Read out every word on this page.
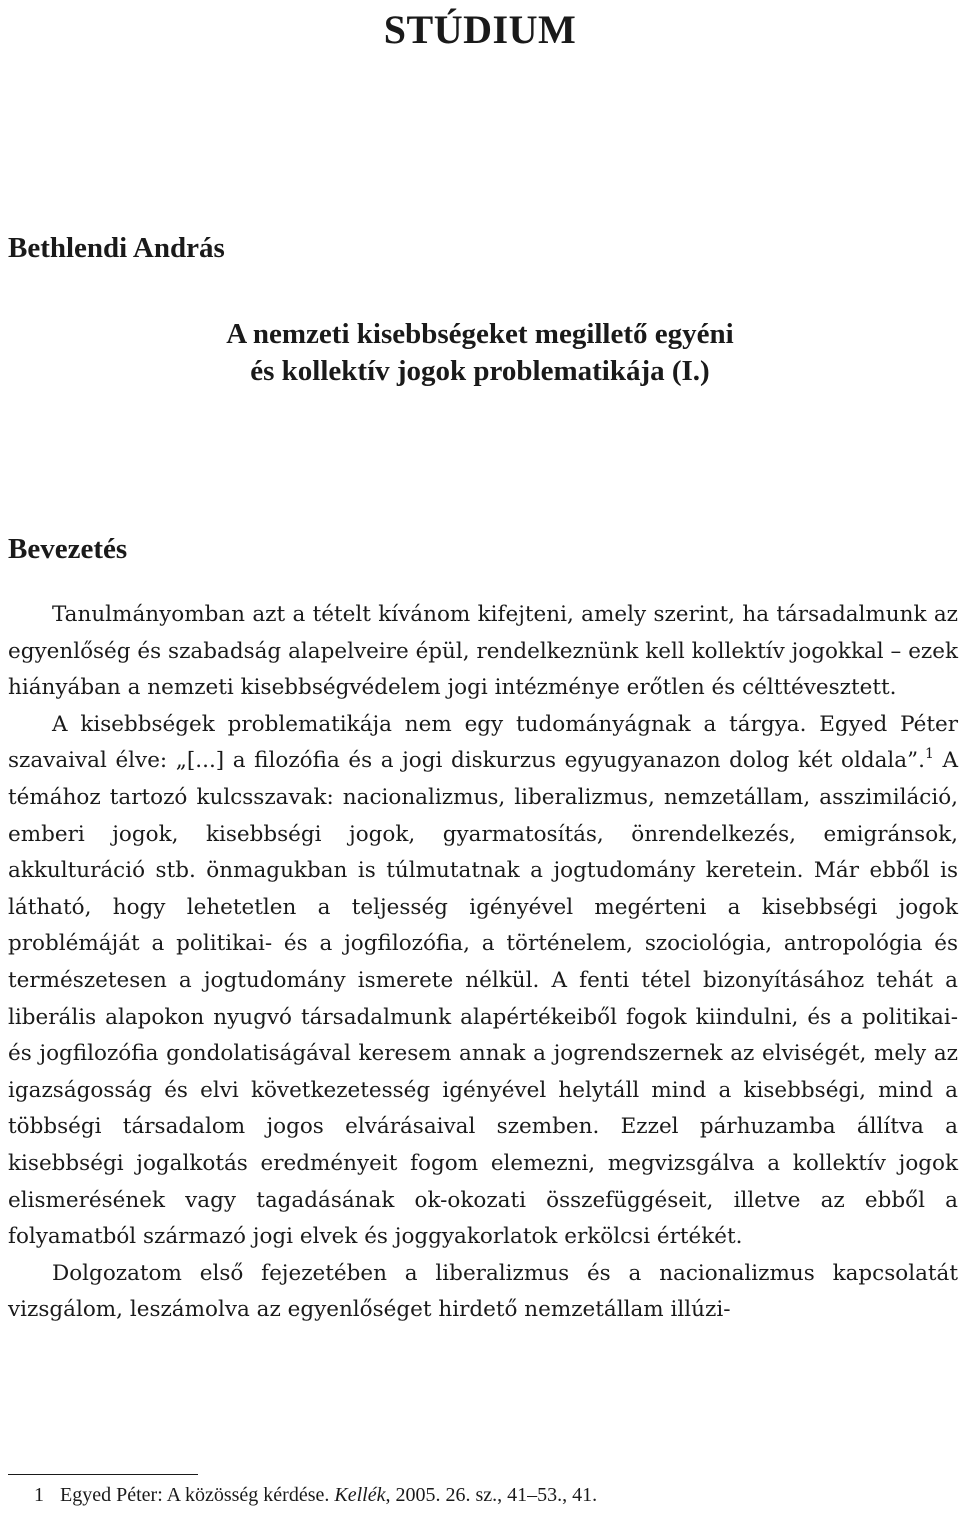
STÚDIUM
Bethlendi András
A nemzeti kisebbségeket megillető egyéni
és kollektív jogok problematikája (I.)
Bevezetés

Tanulmányomban azt a tételt kívánom kifejteni, amely szerint, ha társadalmunk az egyenlőség és szabadság alapelveire épül, rendelkeznünk kell kollektív jogokkal – ezek hiányában a nemzeti kisebbségvédelem jogi intézménye erőtlen és célttévesztett.

A kisebbségek problematikája nem egy tudományágnak a tárgya. Egyed Péter szavaival élve: „[...] a filozófia és a jogi diskurzus egyugyanazon dolog két oldala”.$^1$ A témához tartozó kulcsszavak: nacionalizmus, liberalizmus, nemzetállam, asszimiláció, emberi jogok, kisebbségi jogok, gyarmatosítás, önrendelkezés, emigránsok, akkulturáció stb. önmagukban is túlmutatnak a jogtudomány keretein. Már ebből is látható, hogy lehetetlen a teljesség igényével megérteni a kisebbségi jogok problémáját a politikai- és a jogfilozófia, a történelem, szociológia, antropológia és természetesen a jogtudomány ismerete nélkül. A fenti tétel bizonyításához tehát a liberális alapokon nyugvó társadalmunk alapértékeiből fogok kiindulni, és a politikai- és jogfilozófia gondolatiságával keresem annak a jogrendszernek az elviségét, mely az igazságosság és elvi következetesség igényével helytáll mind a kisebbségi, mind a többségi társadalom jogos elvárásaival szemben. Ezzel párhuzamba állítva a kisebbségi jogalkotás eredményeit fogom elemezni, megvizsgálva a kollektív jogok elismerésének vagy tagadásának ok-okozati összefüggéseit, illetve az ebből a folyamatból származó jogi elvek és joggyakorlatok erkölcsi értékét.

Dolgozatom első fejezetében a liberalizmus és a nacionalizmus kapcsolatát vizsgálom, leszámolva az egyenlőséget hirdető nemzetállam illúzi-

1 Egyed Péter: A közösség kérdése. Kellék, 2005. 26. sz., 41–53., 41.
